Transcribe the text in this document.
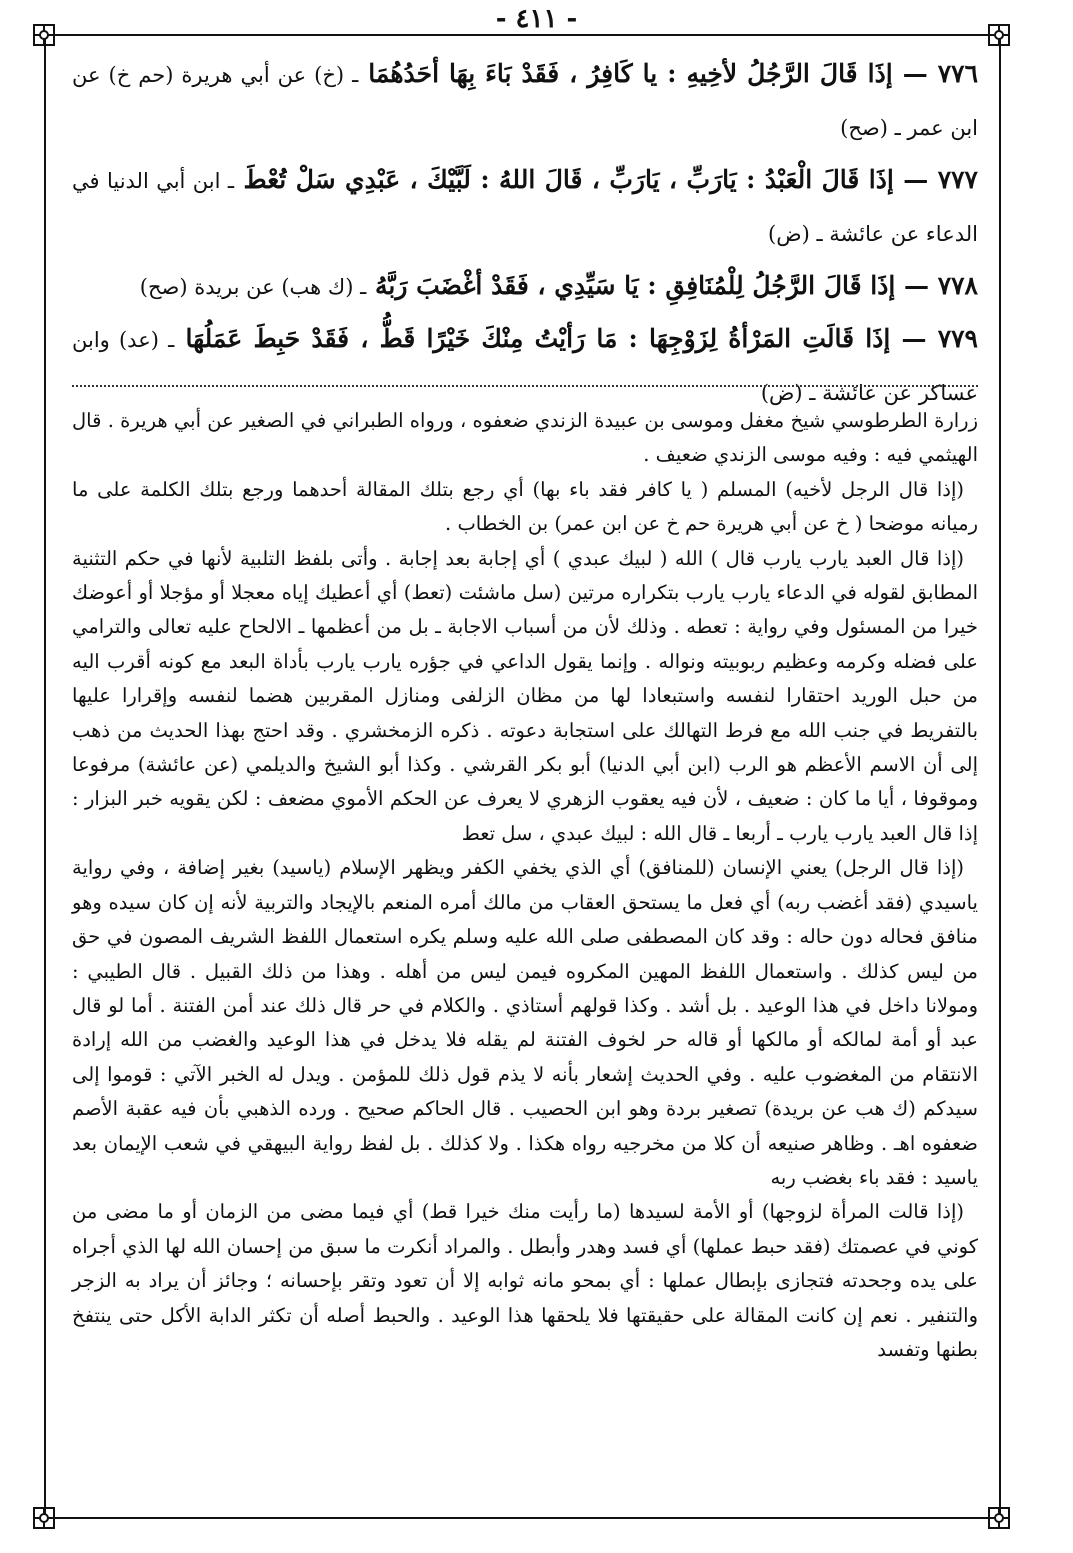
- ٤١١ -

٧٧٦ — إذَا قَالَ الرَّجُلُ لأخِيهِ : يا كَافِرُ ، فَقَدْ بَاءَ بِهَا أحَدُهُمَا ـ (خ) عن أبي هريرة (حم خ) عن ابن عمر ـ (صح)

٧٧٧ — إذَا قَالَ الْعَبْدُ : يَارَبِّ ، يَارَبِّ ، قَالَ اللهُ : لَبَّيْكَ ، عَبْدِي سَلْ تُعْطَ ـ ابن أبي الدنيا في الدعاء عن عائشة ـ (ض)

٧٧٨ — إذَا قَالَ الرَّجُلُ لِلْمُنَافِقِ : يَا سَيِّدِي ، فَقَدْ أغْضَبَ رَبَّهُ ـ (ك هب) عن بريدة (صح)

٧٧٩ — إذَا قَالَتِ المَرْأةُ لِزَوْجِهَا : مَا رَأيْتُ مِنْكَ خَيْرًا قَطُّ ، فَقَدْ حَبِطَ عَمَلُهَا ـ (عد) وابن عساكر عن عائشة ـ (ض)

زرارة الطرطوسي شيخ مغفل وموسى بن عبيدة الزندي ضعفوه ، ورواه الطبراني في الصغير عن أبي هريرة . قال الهيثمي فيه : وفيه موسى الزندي ضعيف .

(إذا قال الرجل لأخيه) المسلم ( يا كافر فقد باء بها) أي رجع بتلك المقالة أحدهما ورجع بتلك الكلمة على ما رميانه موضحا ( خ عن أبي هريرة حم خ عن ابن عمر) بن الخطاب .

(إذا قال العبد يارب يارب قال ) الله ( لبيك عبدي ) أي إجابة بعد إجابة . وأتى بلفظ التلبية لأنها في حكم التثنية المطابق لقوله في الدعاء يارب يارب بتكراره مرتين (سل ماشئت (تعط) أي أعطيك إياه معجلا أو مؤجلا أو أعوضك خيرا من المسئول وفي رواية : تعطه . وذلك لأن من أسباب الاجابة ـ بل من أعظمها ـ الالحاح عليه تعالى والترامي على فضله وكرمه وعظيم ربوبيته ونواله . وإنما يقول الداعي في جؤره يارب يارب بأداة البعد مع كونه أقرب اليه من حبل الوريد احتقارا لنفسه واستبعادا لها من مظان الزلفى ومنازل المقربين هضما لنفسه وإقرارا عليها بالتفريط في جنب الله مع فرط التهالك على استجابة دعوته . ذكره الزمخشري . وقد احتج بهذا الحديث من ذهب إلى أن الاسم الأعظم هو الرب (ابن أبي الدنيا) أبو بكر القرشي . وكذا أبو الشيخ والديلمي (عن عائشة) مرفوعا وموقوفا ، أيا ما كان : ضعيف ، لأن فيه يعقوب الزهري لا يعرف عن الحكم الأموي مضعف : لكن يقويه خبر البزار : إذا قال العبد يارب يارب ـ أربعا ـ قال الله : لبيك عبدي ، سل تعط

(إذا قال الرجل) يعني الإنسان (للمنافق) أي الذي يخفي الكفر ويظهر الإسلام (ياسيد) بغير إضافة ، وفي رواية ياسيدي (فقد أغضب ربه) أي فعل ما يستحق العقاب من مالك أمره المنعم بالإيجاد والتربية لأنه إن كان سيده وهو منافق فحاله دون حاله : وقد كان المصطفى صلى الله عليه وسلم يكره استعمال اللفظ الشريف المصون في حق من ليس كذلك . واستعمال اللفظ المهين المكروه فيمن ليس من أهله . وهذا من ذلك القبيل . قال الطيبي : ومولانا داخل في هذا الوعيد . بل أشد . وكذا قولهم أستاذي . والكلام في حر قال ذلك عند أمن الفتنة . أما لو قال عبد أو أمة لمالكه أو مالكها أو قاله حر لخوف الفتنة لم يقله فلا يدخل في هذا الوعيد والغضب من الله إرادة الانتقام من المغضوب عليه . وفي الحديث إشعار بأنه لا يذم قول ذلك للمؤمن . ويدل له الخبر الآتي : قوموا إلى سيدكم (ك هب عن بريدة) تصغير بردة وهو ابن الحصيب . قال الحاكم صحيح . ورده الذهبي بأن فيه عقبة الأصم ضعفوه اهـ . وظاهر صنيعه أن كلا من مخرجيه رواه هكذا . ولا كذلك . بل لفظ رواية البيهقي في شعب الإيمان بعد ياسيد : فقد باء بغضب ربه

(إذا قالت المرأة لزوجها) أو الأمة لسيدها (ما رأيت منك خيرا قط) أي فيما مضى من الزمان أو ما مضى من كوني في عصمتك (فقد حبط عملها) أي فسد وهدر وأبطل . والمراد أنكرت ما سبق من إحسان الله لها الذي أجراه على يده وجحدته فتجازى بإبطال عملها : أي بمحو مانه ثوابه إلا أن تعود وتقر بإحسانه ؛ وجائز أن يراد به الزجر والتنفير . نعم إن كانت المقالة على حقيقتها فلا يلحقها هذا الوعيد . والحبط أصله أن تكثر الدابة الأكل حتى ينتفخ بطنها وتفسد
